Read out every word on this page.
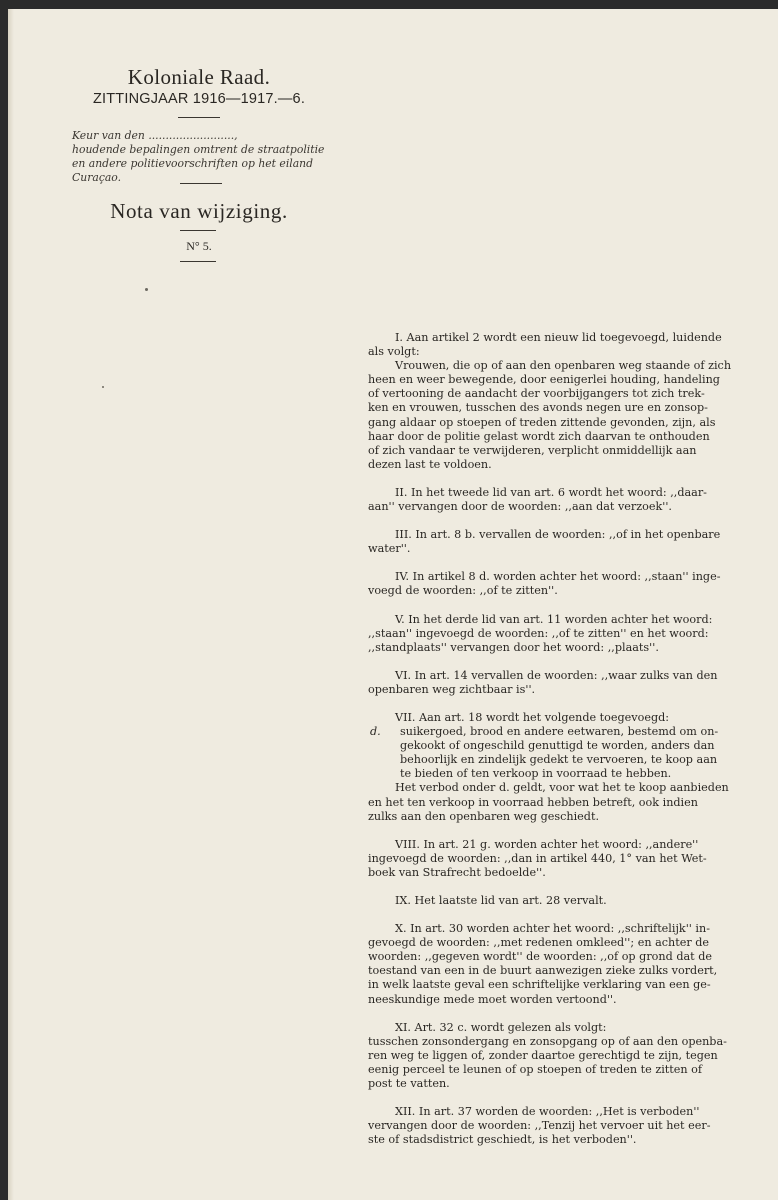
Koloniale Raad.
ZITTINGJAAR 1916—1917.—6.
Keur van den .........................,
houdende bepalingen omtrent de straatpolitie
en andere politievoorschriften op het eiland
Curaçao.
Nota van wijziging.
N° 5.
I. Aan artikel 2 wordt een nieuw lid toegevoegd, luidende
als volgt:
Vrouwen, die op of aan den openbaren weg staande of zich
heen en weer bewegende, door eenigerlei houding, handeling
of vertooning de aandacht der voorbijgangers tot zich trek-
ken en vrouwen, tusschen des avonds negen ure en zonsop-
gang aldaar op stoepen of treden zittende gevonden, zijn, als
haar door de politie gelast wordt zich daarvan te onthouden
of zich vandaar te verwijderen, verplicht onmiddellijk aan
dezen last te voldoen.
II. In het tweede lid van art. 6 wordt het woord: ,,daar-
aan'' vervangen door de woorden: ,,aan dat verzoek''.
III. In art. 8 b. vervallen de woorden: ,,of in het openbare
water''.
IV. In artikel 8 d. worden achter het woord: ,,staan'' inge-
voegd de woorden: ,,of te zitten''.
V. In het derde lid van art. 11 worden achter het woord:
,,staan'' ingevoegd de woorden: ,,of te zitten'' en het woord:
,,standplaats'' vervangen door het woord: ,,plaats''.
VI. In art. 14 vervallen de woorden: ,,waar zulks van den
openbaren weg zichtbaar is''.
VII. Aan art. 18 wordt het volgende toegevoegd:
d. suikergoed, brood en andere eetwaren, bestemd om on-
gekookt of ongeschild genuttigd te worden, anders dan
behoorlijk en zindelijk gedekt te vervoeren, te koop aan
te bieden of ten verkoop in voorraad te hebben.
Het verbod onder d. geldt, voor wat het te koop aanbieden
en het ten verkoop in voorraad hebben betreft, ook indien
zulks aan den openbaren weg geschiedt.
VIII. In art. 21 g. worden achter het woord: ,,andere''
ingevoegd de woorden: ,,dan in artikel 440, 1° van het Wet-
boek van Strafrecht bedoelde''.
IX. Het laatste lid van art. 28 vervalt.
X. In art. 30 worden achter het woord: ,,schriftelijk'' in-
gevoegd de woorden: ,,met redenen omkleed''; en achter de
woorden: ,,gegeven wordt'' de woorden: ,,of op grond dat de
toestand van een in de buurt aanwezigen zieke zulks vordert,
in welk laatste geval een schriftelijke verklaring van een ge-
neeskundige mede moet worden vertoond''.
XI. Art. 32 c. wordt gelezen als volgt:
tusschen zonsondergang en zonsopgang op of aan den openba-
ren weg te liggen of, zonder daartoe gerechtigd te zijn, tegen
eenig perceel te leunen of op stoepen of treden te zitten of
post te vatten.
XII. In art. 37 worden de woorden: ,,Het is verboden''
vervangen door de woorden: ,,Tenzij het vervoer uit het eer-
ste of stadsdistrict geschiedt, is het verboden''.
